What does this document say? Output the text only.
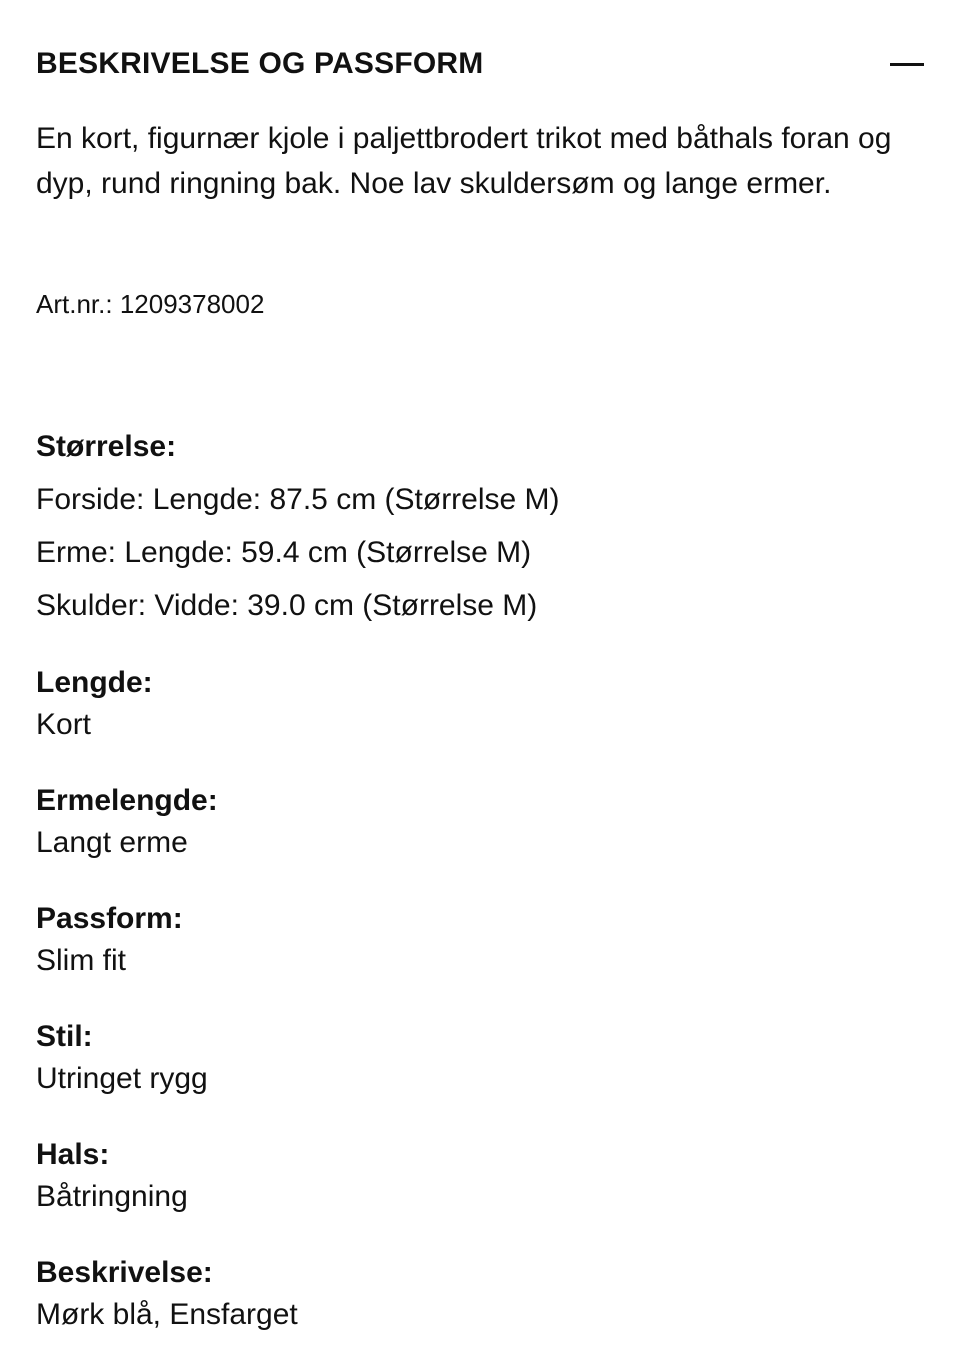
BESKRIVELSE OG PASSFORM

En kort, figurnær kjole i paljettbrodert trikot med båthals foran og dyp, rund ringning bak. Noe lav skuldersøm og lange ermer.

Art.nr.: 1209378002

Størrelse:

Forside: Lengde: 87.5 cm (Størrelse M)

Erme: Lengde: 59.4 cm (Størrelse M)

Skulder: Vidde: 39.0 cm (Størrelse M)

Lengde:

Kort

Ermelengde:

Langt erme

Passform:

Slim fit

Stil:

Utringet rygg

Hals:

Båtringning

Beskrivelse:

Mørk blå, Ensfarget
